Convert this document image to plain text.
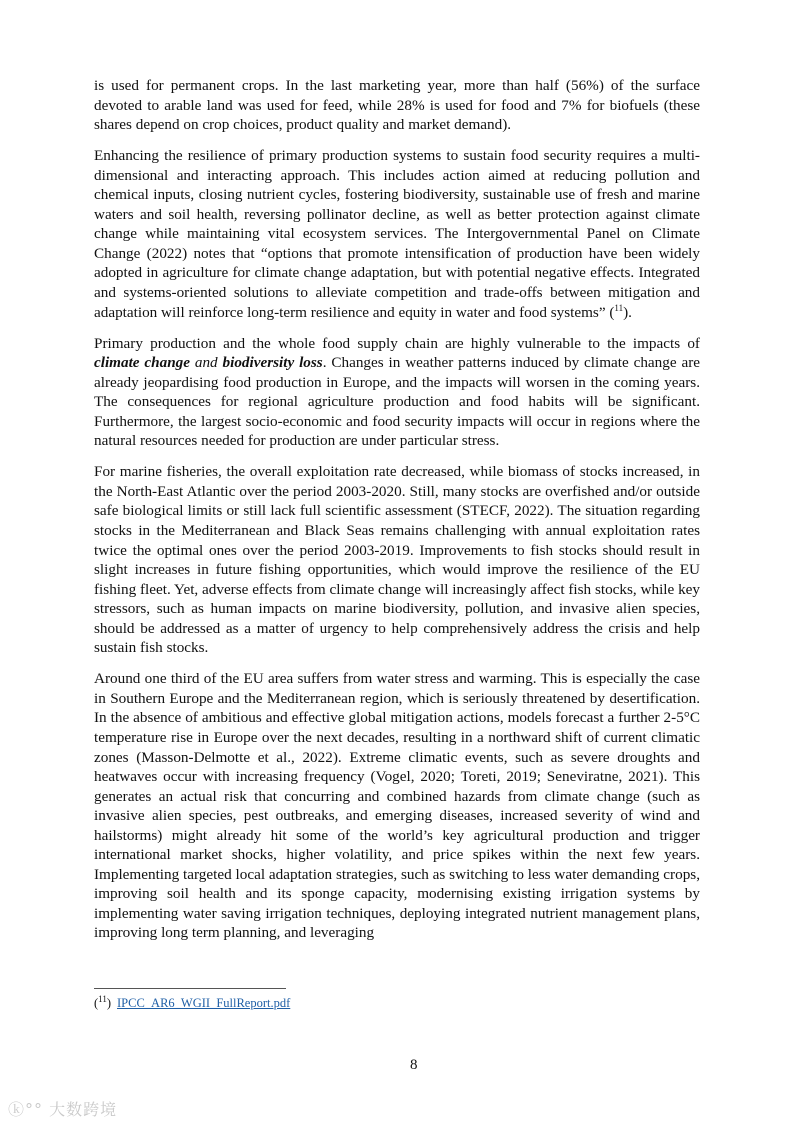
is used for permanent crops. In the last marketing year, more than half (56%) of the surface devoted to arable land was used for feed, while 28% is used for food and 7% for biofuels (these shares depend on crop choices, product quality and market demand).

Enhancing the resilience of primary production systems to sustain food security requires a multi-dimensional and interacting approach. This includes action aimed at reducing pollution and chemical inputs, closing nutrient cycles, fostering biodiversity, sustainable use of fresh and marine waters and soil health, reversing pollinator decline, as well as better protection against climate change while maintaining vital ecosystem services. The Intergovernmental Panel on Climate Change (2022) notes that “options that promote intensification of production have been widely adopted in agriculture for climate change adaptation, but with potential negative effects. Integrated and systems-oriented solutions to alleviate competition and trade-offs between mitigation and adaptation will reinforce long-term resilience and equity in water and food systems” ($^{11}$).

Primary production and the whole food supply chain are highly vulnerable to the impacts of climate change and biodiversity loss. Changes in weather patterns induced by climate change are already jeopardising food production in Europe, and the impacts will worsen in the coming years. The consequences for regional agriculture production and food habits will be significant. Furthermore, the largest socio-economic and food security impacts will occur in regions where the natural resources needed for production are under particular stress.

For marine fisheries, the overall exploitation rate decreased, while biomass of stocks increased, in the North-East Atlantic over the period 2003-2020. Still, many stocks are overfished and/or outside safe biological limits or still lack full scientific assessment (STECF, 2022). The situation regarding stocks in the Mediterranean and Black Seas remains challenging with annual exploitation rates twice the optimal ones over the period 2003-2019. Improvements to fish stocks should result in slight increases in future fishing opportunities, which would improve the resilience of the EU fishing fleet. Yet, adverse effects from climate change will increasingly affect fish stocks, while key stressors, such as human impacts on marine biodiversity, pollution, and invasive alien species, should be addressed as a matter of urgency to help comprehensively address the crisis and help sustain fish stocks.

Around one third of the EU area suffers from water stress and warming. This is especially the case in Southern Europe and the Mediterranean region, which is seriously threatened by desertification. In the absence of ambitious and effective global mitigation actions, models forecast a further 2-5°C temperature rise in Europe over the next decades, resulting in a northward shift of current climatic zones (Masson-Delmotte et al., 2022). Extreme climatic events, such as severe droughts and heatwaves occur with increasing frequency (Vogel, 2020; Toreti, 2019; Seneviratne, 2021). This generates an actual risk that concurring and combined hazards from climate change (such as invasive alien species, pest outbreaks, and emerging diseases, increased severity of wind and hailstorms) might already hit some of the world’s key agricultural production and trigger international market shocks, higher volatility, and price spikes within the next few years. Implementing targeted local adaptation strategies, such as switching to less water demanding crops, improving soil health and its sponge capacity, modernising existing irrigation systems by implementing water saving irrigation techniques, deploying integrated nutrient management plans, improving long term planning, and leveraging

($^{11}$) IPCC_AR6_WGII_FullReport.pdf
8
ⓚ°° 大数跨境
